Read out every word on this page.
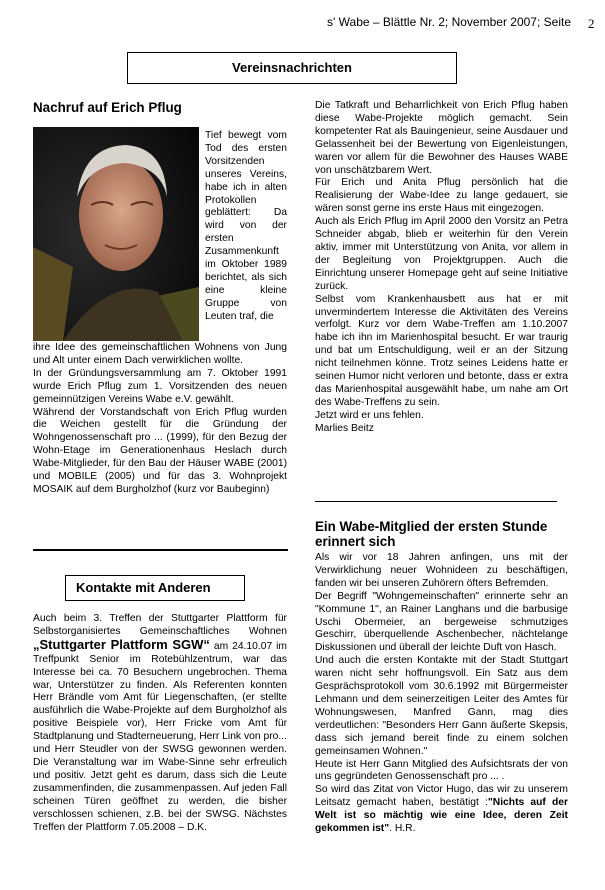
s' Wabe – Blättle Nr. 2; November 2007; Seite 2
Vereinsnachrichten
Nachruf auf Erich Pflug

Tief bewegt vom Tod des ersten Vorsitzenden unseres Vereins, habe ich in alten Protokollen geblättert: Da wird von der ersten Zusammenkunft im Oktober 1989 berichtet, als sich eine kleine Gruppe von Leuten traf, die

ihre Idee des gemeinschaftlichen Wohnens von Jung und Alt unter einem Dach verwirklichen wollte.

In der Gründungsversammlung am 7. Oktober 1991 wurde Erich Pflug zum 1. Vorsitzenden des neuen gemeinnützigen Vereins Wabe e.V. gewählt.

Während der Vorstandschaft von Erich Pflug wurden die Weichen gestellt für die Gründung der Wohngenossenschaft pro ... (1999), für den Bezug der Wohn-Etage im Generationenhaus Heslach durch Wabe-Mitglieder, für den Bau der Häuser WABE (2001) und MOBILE (2005) und für das 3. Wohnprojekt MOSAIK auf dem Burgholzhof (kurz vor Baubeginn)

Die Tatkraft und Beharrlichkeit von Erich Pflug haben diese Wabe-Projekte möglich gemacht. Sein kompetenter Rat als Bauingenieur, seine Ausdauer und Gelassenheit bei der Bewertung von Eigenleistungen, waren vor allem für die Bewohner des Hauses WABE von unschätzbarem Wert.

Für Erich und Anita Pflug persönlich hat die Realisierung der Wabe-Idee zu lange gedauert, sie wären sonst gerne ins erste Haus mit eingezogen.

Auch als Erich Pflug im April 2000 den Vorsitz an Petra Schneider abgab, blieb er weiterhin für den Verein aktiv, immer mit Unterstützung von Anita, vor allem in der Begleitung von Projektgruppen. Auch die Einrichtung unserer Homepage geht auf seine Initiative zurück.

Selbst vom Krankenhausbett aus hat er mit unvermindertem Interesse die Aktivitäten des Vereins verfolgt. Kurz vor dem Wabe-Treffen am 1.10.2007 habe ich ihn im Marienhospital besucht. Er war traurig und bat um Entschuldigung, weil er an der Sitzung nicht teilnehmen könne. Trotz seines Leidens hatte er seinen Humor nicht verloren und betonte, dass er extra das Marienhospital ausgewählt habe, um nahe am Ort des Wabe-Treffens zu sein.

Jetzt wird er uns fehlen.

Marlies Beitz

Kontakte mit Anderen

Auch beim 3. Treffen der Stuttgarter Plattform für Selbstorganisiertes Gemeinschaftliches Wohnen „Stuttgarter Plattform SGW“ am 24.10.07 im Treffpunkt Senior im Rotebühlzentrum, war das Interesse bei ca. 70 Besuchern ungebrochen. Thema war, Unterstützer zu finden. Als Referenten konnten Herr Brändle vom Amt für Liegenschaften, (er stellte ausführlich die Wabe-Projekte auf dem Burgholzhof als positive Beispiele vor), Herr Fricke vom Amt für Stadtplanung und Stadterneuerung, Herr Link von pro... und Herr Steudler von der SWSG gewonnen werden. Die Veranstaltung war im Wabe-Sinne sehr erfreulich und positiv. Jetzt geht es darum, dass sich die Leute zusammenfinden, die zusammenpassen. Auf jeden Fall scheinen Türen geöffnet zu werden, die bisher verschlossen schienen, z.B. bei der SWSG. Nächstes Treffen der Plattform 7.05.2008 – D.K.

Ein Wabe-Mitglied der ersten Stunde erinnert sich

Als wir vor 18 Jahren anfingen, uns mit der Verwirklichung neuer Wohnideen zu beschäftigen, fanden wir bei unseren Zuhörern öfters Befremden.

Der Begriff "Wohngemeinschaften" erinnerte sehr an "Kommune 1", an Rainer Langhans und die barbusige Uschi Obermeier, an bergeweise schmutziges Geschirr, überquellende Aschenbecher, nächtelange Diskussionen und überall der leichte Duft von Hasch.

Und auch die ersten Kontakte mit der Stadt Stuttgart waren nicht sehr hoffnungsvoll. Ein Satz aus dem Gesprächsprotokoll vom 30.6.1992 mit Bürgermeister Lehmann und dem seinerzeitigen Leiter des Amtes für Wohnungswesen, Manfred Gann, mag dies verdeutlichen: "Besonders Herr Gann äußerte Skepsis, dass sich jemand bereit finde zu einem solchen gemeinsamen Wohnen."

Heute ist Herr Gann Mitglied des Aufsichtsrats der von uns gegründeten Genossenschaft pro ... .

So wird das Zitat von Victor Hugo, das wir zu unserem Leitsatz gemacht haben, bestätigt :"Nichts auf der Welt ist so mächtig wie eine Idee, deren Zeit gekommen ist". H.R.
